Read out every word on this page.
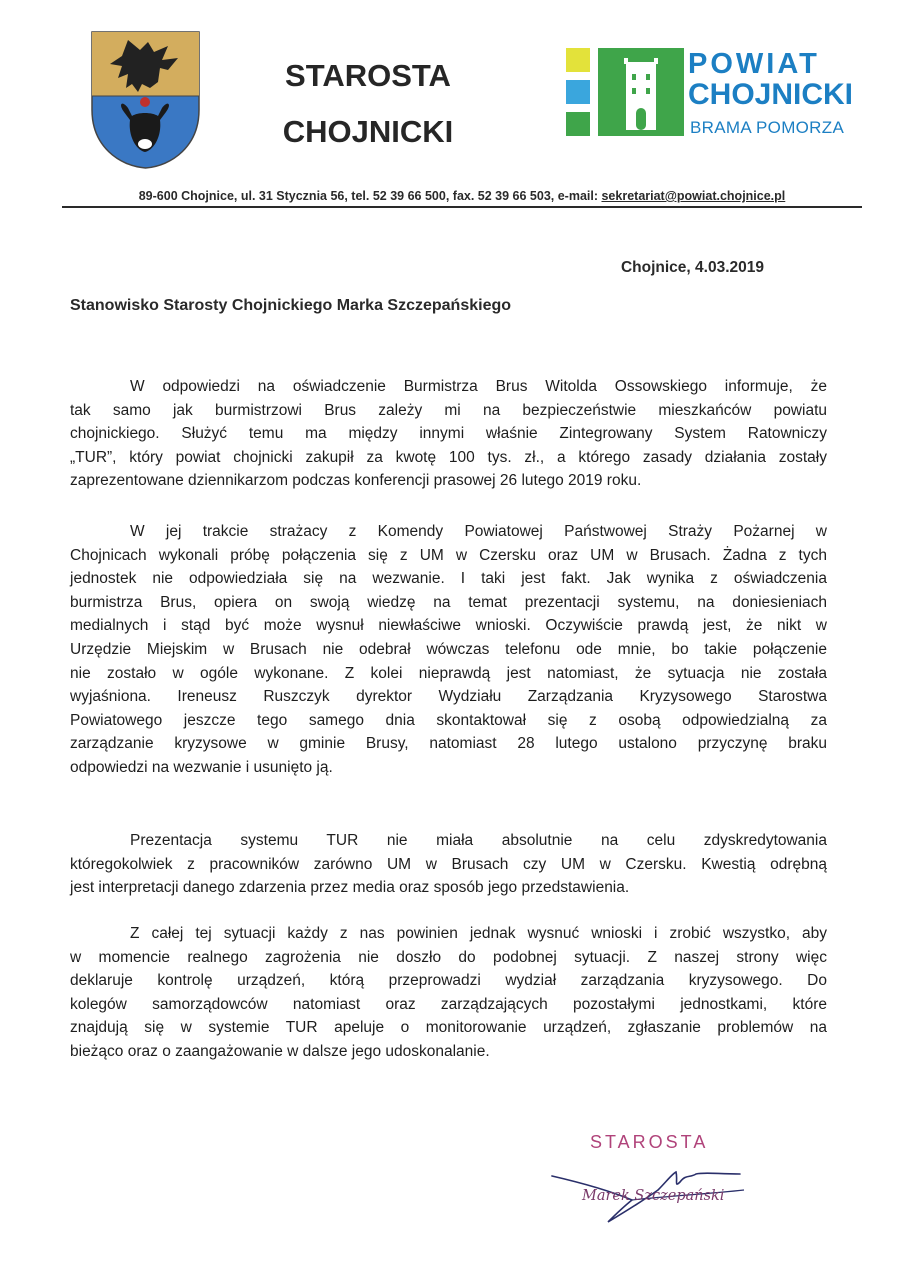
STAROSTA
CHOJNICKI
POWIAT
CHOJNICKI
BRAMA POMORZA
89-600 Chojnice, ul. 31 Stycznia 56, tel. 52 39 66 500, fax. 52 39 66 503, e-mail: sekretariat@powiat.chojnice.pl
Chojnice, 4.03.2019
Stanowisko Starosty Chojnickiego Marka Szczepańskiego
W odpowiedzi na oświadczenie Burmistrza Brus Witolda Ossowskiego informuje, że
tak samo jak burmistrzowi Brus zależy mi na bezpieczeństwie mieszkańców powiatu
chojnickiego. Służyć temu ma między innymi właśnie Zintegrowany System Ratowniczy
„TUR”, który powiat chojnicki zakupił za kwotę 100 tys. zł., a którego zasady działania zostały
zaprezentowane dziennikarzom podczas konferencji prasowej 26 lutego 2019 roku.
W jej trakcie strażacy z Komendy Powiatowej Państwowej Straży Pożarnej w
Chojnicach wykonali próbę połączenia się z UM w Czersku oraz UM w Brusach. Żadna z tych
jednostek nie odpowiedziała się na wezwanie. I taki jest fakt. Jak wynika z oświadczenia
burmistrza Brus, opiera on swoją wiedzę na temat prezentacji systemu, na doniesieniach
medialnych i stąd być może wysnuł niewłaściwe wnioski. Oczywiście prawdą jest, że nikt w
Urzędzie Miejskim w Brusach nie odebrał wówczas telefonu ode mnie, bo takie połączenie
nie zostało w ogóle wykonane. Z kolei nieprawdą jest natomiast, że sytuacja nie została
wyjaśniona. Ireneusz Ruszczyk dyrektor Wydziału Zarządzania Kryzysowego Starostwa
Powiatowego jeszcze tego samego dnia skontaktował się z osobą odpowiedzialną za
zarządzanie kryzysowe w gminie Brusy, natomiast 28 lutego ustalono przyczynę braku
odpowiedzi na wezwanie i usunięto ją.
Prezentacja systemu TUR nie miała absolutnie na celu zdyskredytowania
któregokolwiek z pracowników zarówno UM w Brusach czy UM w Czersku. Kwestią odrębną
jest interpretacji danego zdarzenia przez media oraz sposób jego przedstawienia.
Z całej tej sytuacji każdy z nas powinien jednak wysnuć wnioski i zrobić wszystko, aby
w momencie realnego zagrożenia nie doszło do podobnej sytuacji. Z naszej strony więc
deklaruje kontrolę urządzeń, którą przeprowadzi wydział zarządzania kryzysowego. Do
kolegów samorządowców natomiast oraz zarządzających pozostałymi jednostkami, które
znajdują się w systemie TUR apeluje o monitorowanie urządzeń, zgłaszanie problemów na
bieżąco oraz o zaangażowanie w dalsze jego udoskonalanie.
STAROSTA
Marek Szczepański
